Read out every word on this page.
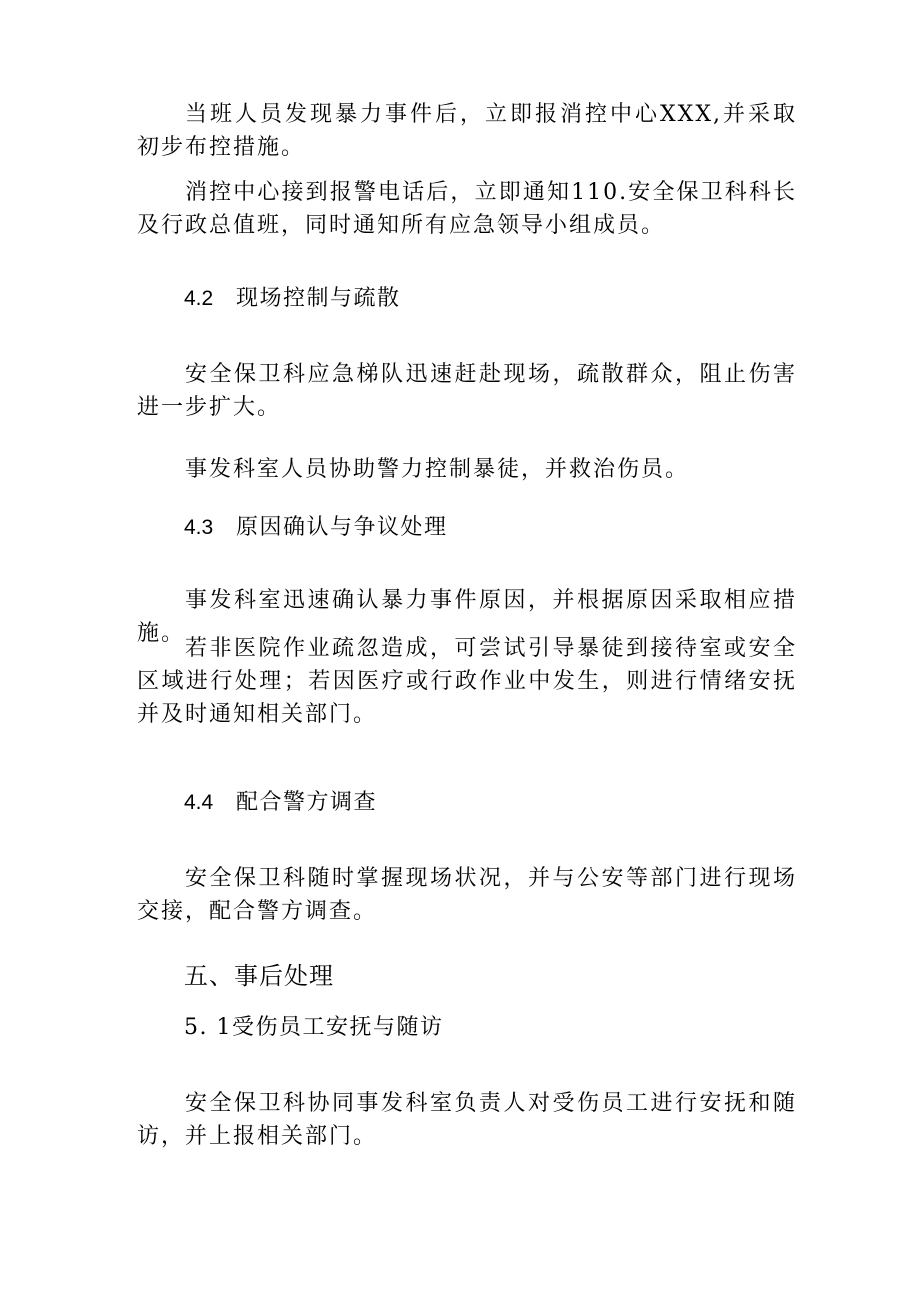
当班人员发现暴力事件后，立即报消控中心XXX,并采取初步布控措施。

消控中心接到报警电话后，立即通知110.安全保卫科科长及行政总值班，同时通知所有应急领导小组成员。

4.2 现场控制与疏散

安全保卫科应急梯队迅速赶赴现场，疏散群众，阻止伤害进一步扩大。

事发科室人员协助警力控制暴徒，并救治伤员。

4.3 原因确认与争议处理

事发科室迅速确认暴力事件原因，并根据原因采取相应措施。

若非医院作业疏忽造成，可尝试引导暴徒到接待室或安全区域进行处理；若因医疗或行政作业中发生，则进行情绪安抚并及时通知相关部门。

4.4 配合警方调查

安全保卫科随时掌握现场状况，并与公安等部门进行现场交接，配合警方调查。

五、事后处理
5. 1受伤员工安抚与随访

安全保卫科协同事发科室负责人对受伤员工进行安抚和随访，并上报相关部门。
